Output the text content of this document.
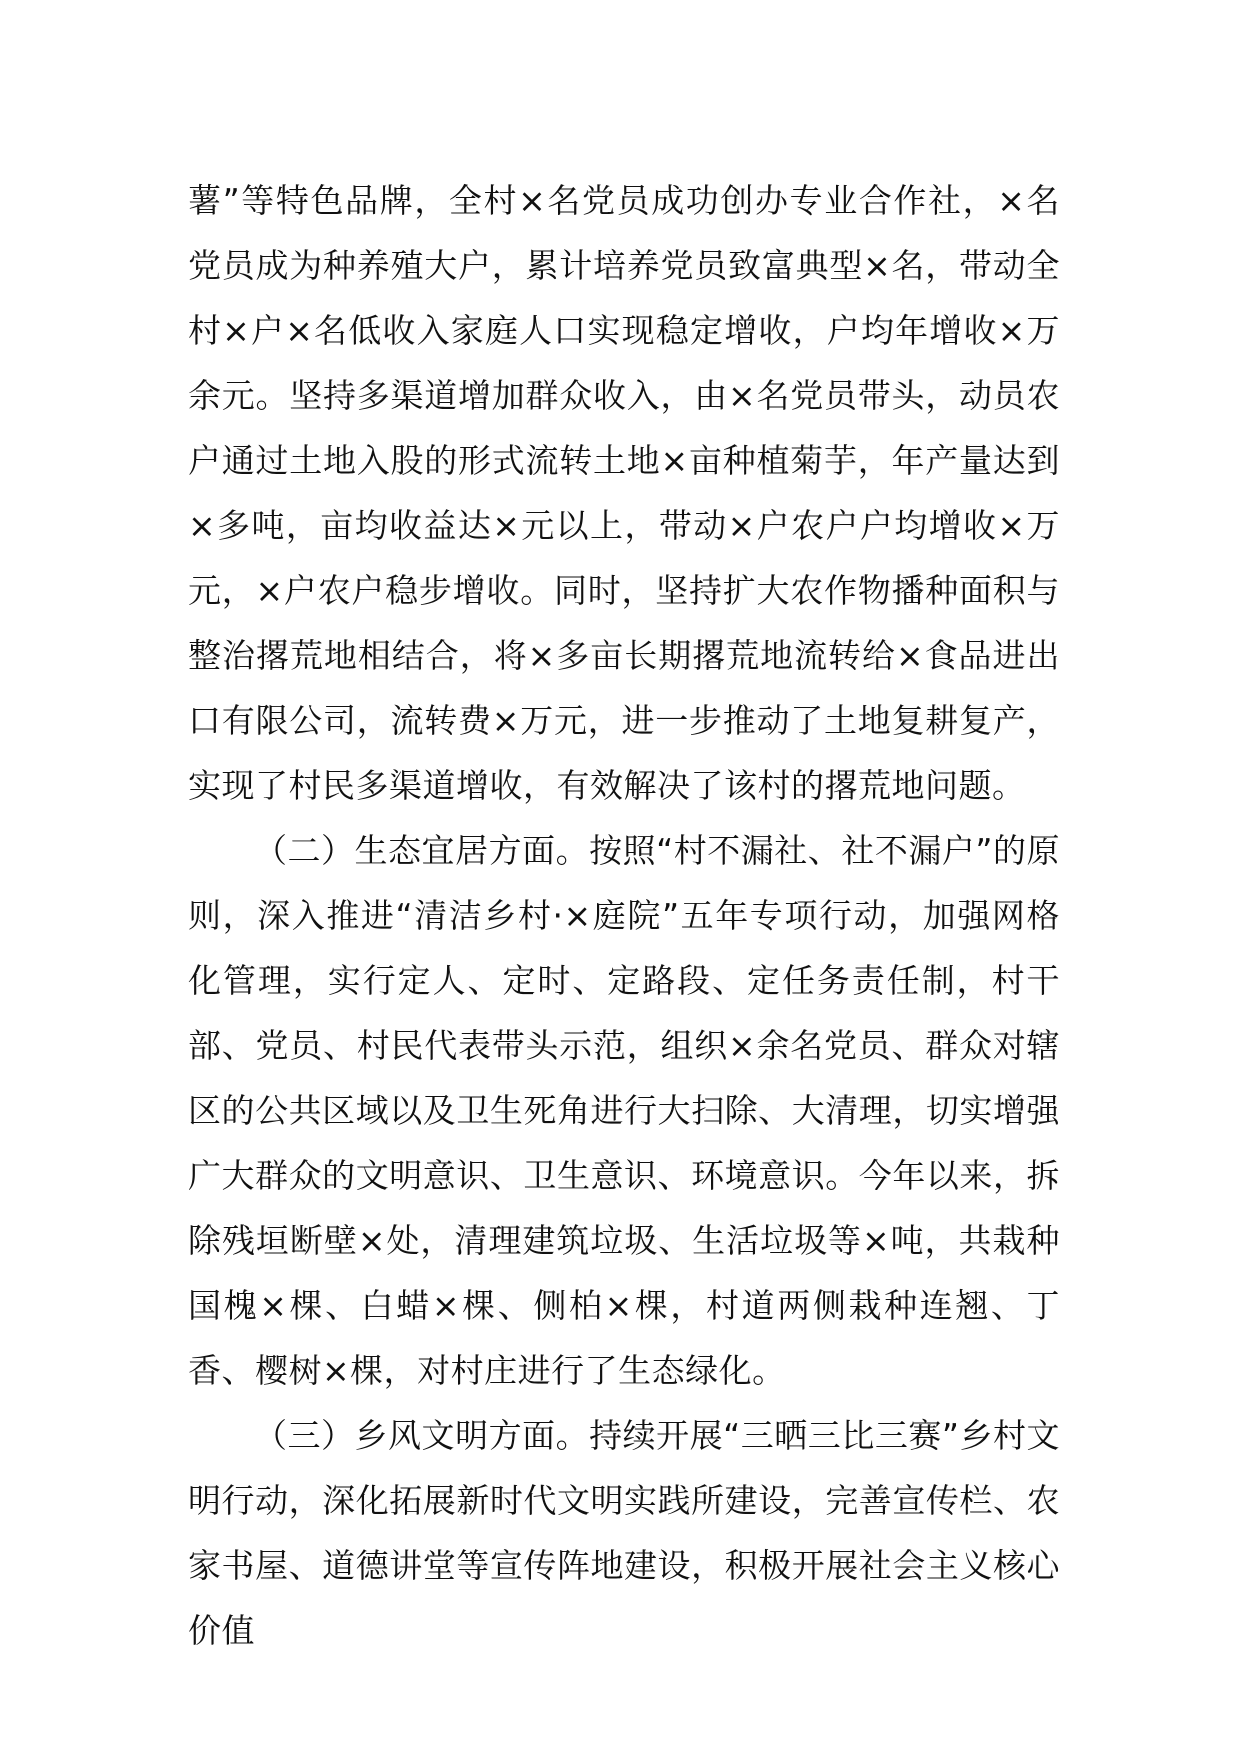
薯”等特色品牌，全村×名党员成功创办专业合作社，×名党员成为种养殖大户，累计培养党员致富典型×名，带动全村×户×名低收入家庭人口实现稳定增收，户均年增收×万余元。坚持多渠道增加群众收入，由×名党员带头，动员农户通过土地入股的形式流转土地×亩种植菊芋，年产量达到×多吨，亩均收益达×元以上，带动×户农户户均增收×万元，×户农户稳步增收。同时，坚持扩大农作物播种面积与整治撂荒地相结合，将×多亩长期撂荒地流转给×食品进出口有限公司，流转费×万元，进一步推动了土地复耕复产，实现了村民多渠道增收，有效解决了该村的撂荒地问题。

（二）生态宜居方面。按照“村不漏社、社不漏户”的原则，深入推进“清洁乡村·×庭院”五年专项行动，加强网格化管理，实行定人、定时、定路段、定任务责任制，村干部、党员、村民代表带头示范，组织×余名党员、群众对辖区的公共区域以及卫生死角进行大扫除、大清理，切实增强广大群众的文明意识、卫生意识、环境意识。今年以来，拆除残垣断壁×处，清理建筑垃圾、生活垃圾等×吨，共栽种国槐×棵、白蜡×棵、侧柏×棵，村道两侧栽种连翘、丁香、樱树×棵，对村庄进行了生态绿化。

（三）乡风文明方面。持续开展“三晒三比三赛”乡村文明行动，深化拓展新时代文明实践所建设，完善宣传栏、农家书屋、道德讲堂等宣传阵地建设，积极开展社会主义核心价值
